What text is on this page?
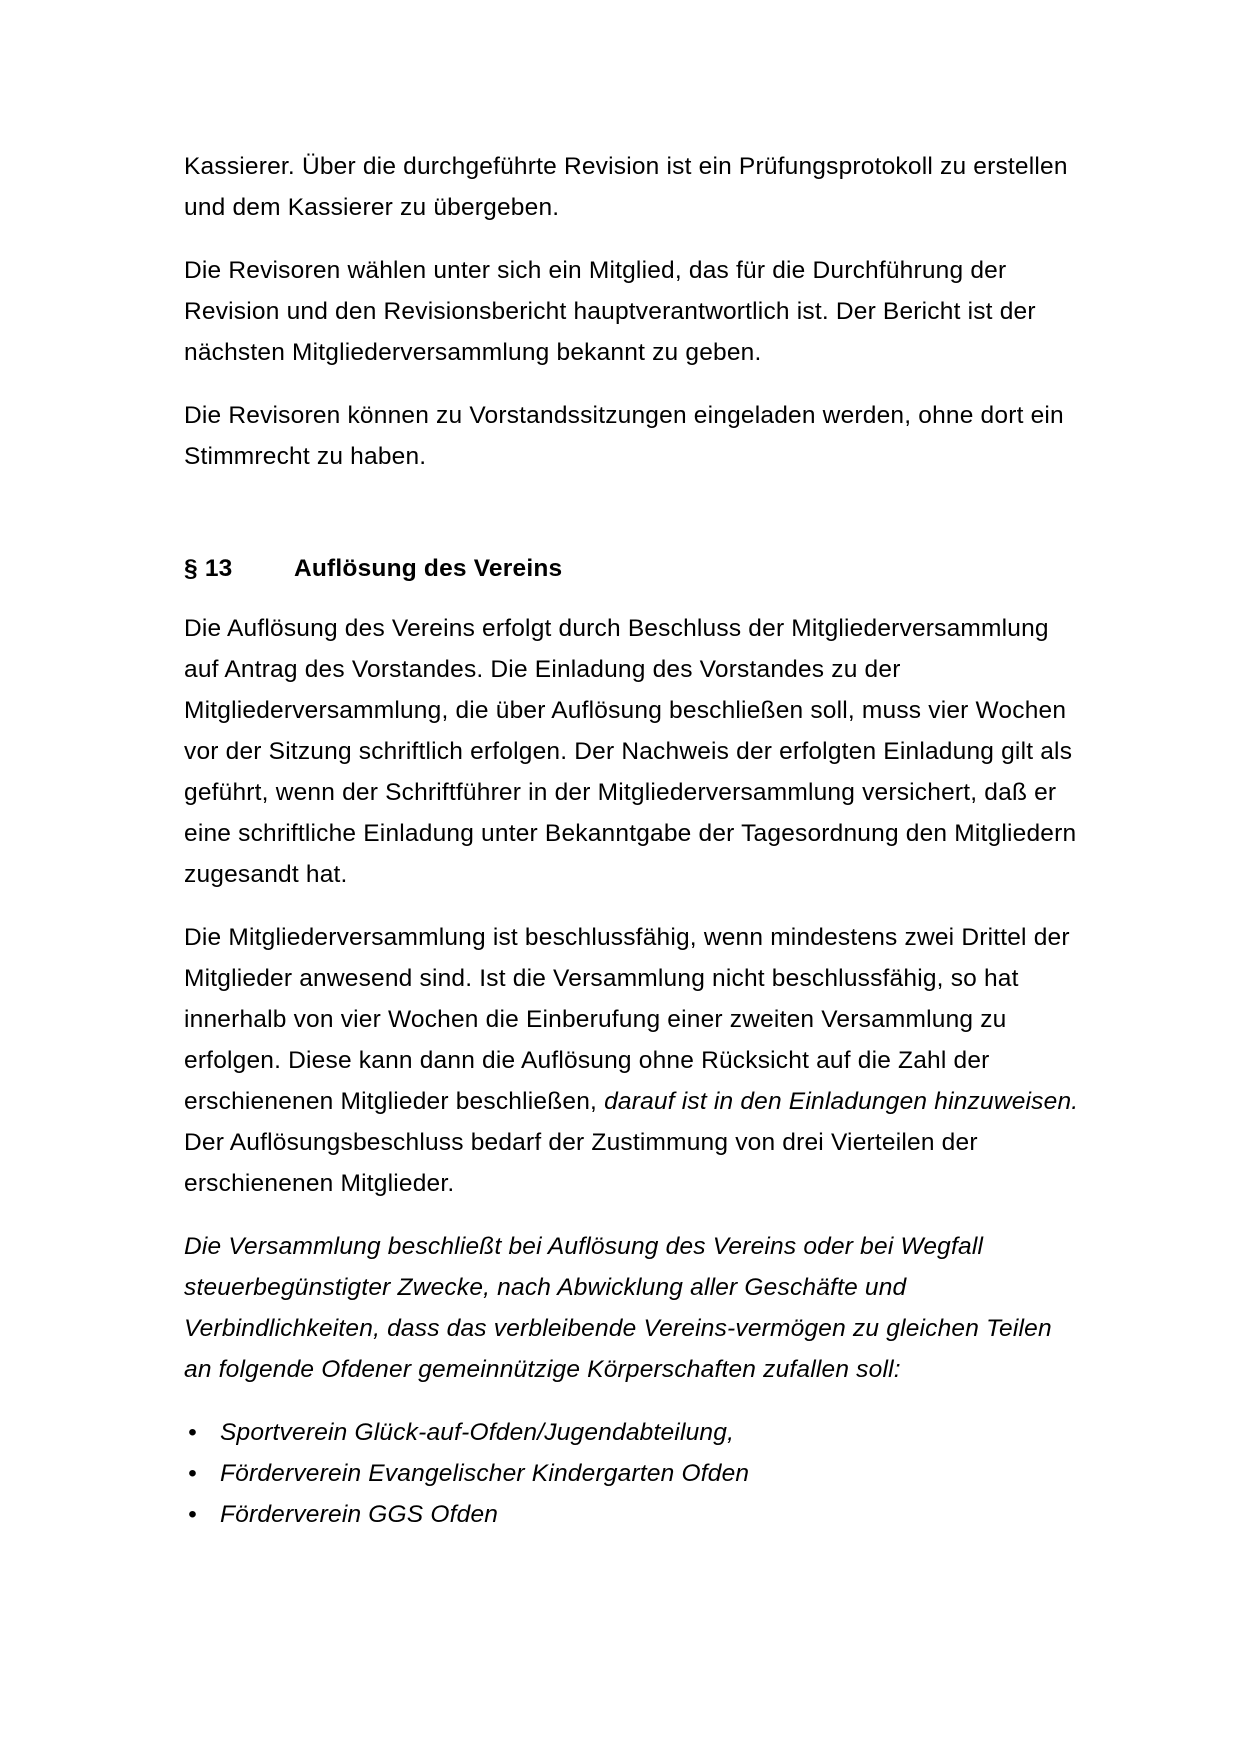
Kassierer. Über die durchgeführte Revision ist ein Prüfungsprotokoll zu erstellen und dem Kassierer zu übergeben.

Die Revisoren wählen unter sich ein Mitglied, das für die Durchführung der Revision und den Revisionsbericht hauptverantwortlich ist. Der Bericht ist der nächsten Mitgliederversammlung bekannt zu geben.

Die Revisoren können zu Vorstandssitzungen eingeladen werden, ohne dort ein Stimmrecht zu haben.

§ 13	Auflösung des Vereins

Die Auflösung des Vereins erfolgt durch Beschluss der Mitgliederversammlung auf Antrag des Vorstandes. Die Einladung des Vorstandes zu der Mitgliederversammlung, die über Auflösung beschließen soll, muss vier Wochen vor der Sitzung schriftlich erfolgen. Der Nachweis der erfolgten Einladung gilt als geführt, wenn der Schriftführer in der Mitgliederversammlung versichert, daß er eine schriftliche Einladung unter Bekanntgabe der Tagesordnung den Mitgliedern zugesandt hat.

Die Mitgliederversammlung ist beschlussfähig, wenn mindestens zwei Drittel der Mitglieder anwesend sind. Ist die Versammlung nicht beschlussfähig, so hat innerhalb von vier Wochen die Einberufung einer zweiten Versammlung zu erfolgen. Diese kann dann die Auflösung ohne Rücksicht auf die Zahl der erschienenen Mitglieder beschließen, darauf ist in den Einladungen hinzuweisen. Der Auflösungsbeschluss bedarf der Zustimmung von drei Vierteilen der erschienenen Mitglieder.

Die Versammlung beschließt bei Auflösung des Vereins oder bei Wegfall steuerbegünstigter Zwecke, nach Abwicklung aller Geschäfte und Verbindlichkeiten, dass das verbleibende Vereins-vermögen zu gleichen Teilen an folgende Ofdener gemeinnützige Körperschaften zufallen soll:

• Sportverein Glück-auf-Ofden/Jugendabteilung,
• Förderverein Evangelischer Kindergarten Ofden
• Förderverein GGS Ofden
